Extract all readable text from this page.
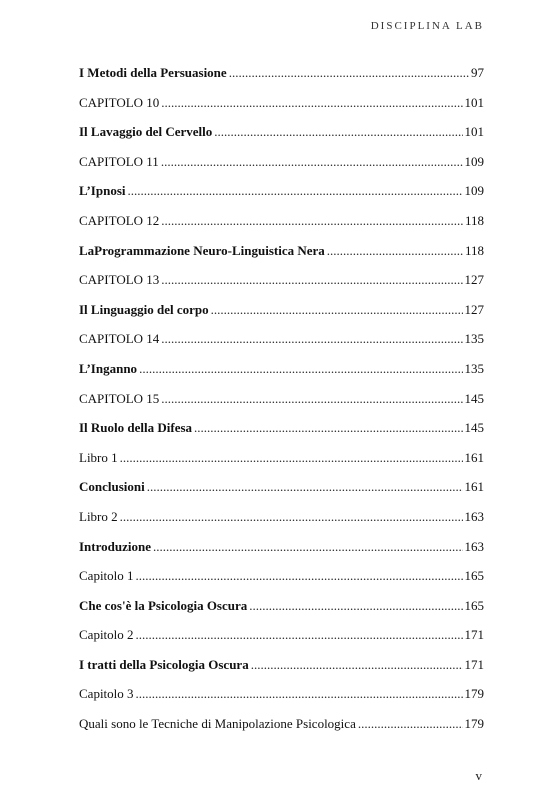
DISCIPLINA LAB
I Metodi della Persuasione .....	97
CAPITOLO 10 .....	101
Il Lavaggio del Cervello .....	101
CAPITOLO 11 .....	109
L’Ipnosi .....	109
CAPITOLO 12 .....	118
LaProgrammazione Neuro-Linguistica Nera .....	118
CAPITOLO 13 .....	127
Il Linguaggio del corpo .....	127
CAPITOLO 14 .....	135
L’Inganno .....	135
CAPITOLO 15 .....	145
Il Ruolo della Difesa .....	145
Libro 1 .....	161
Conclusioni .....	161
Libro 2 .....	163
Introduzione .....	163
Capitolo 1 .....	165
Che cos'è la Psicologia Oscura .....	165
Capitolo 2 .....	171
I tratti della Psicologia Oscura .....	171
Capitolo 3 .....	179
Quali sono le Tecniche di Manipolazione Psicologica .....	179
v
